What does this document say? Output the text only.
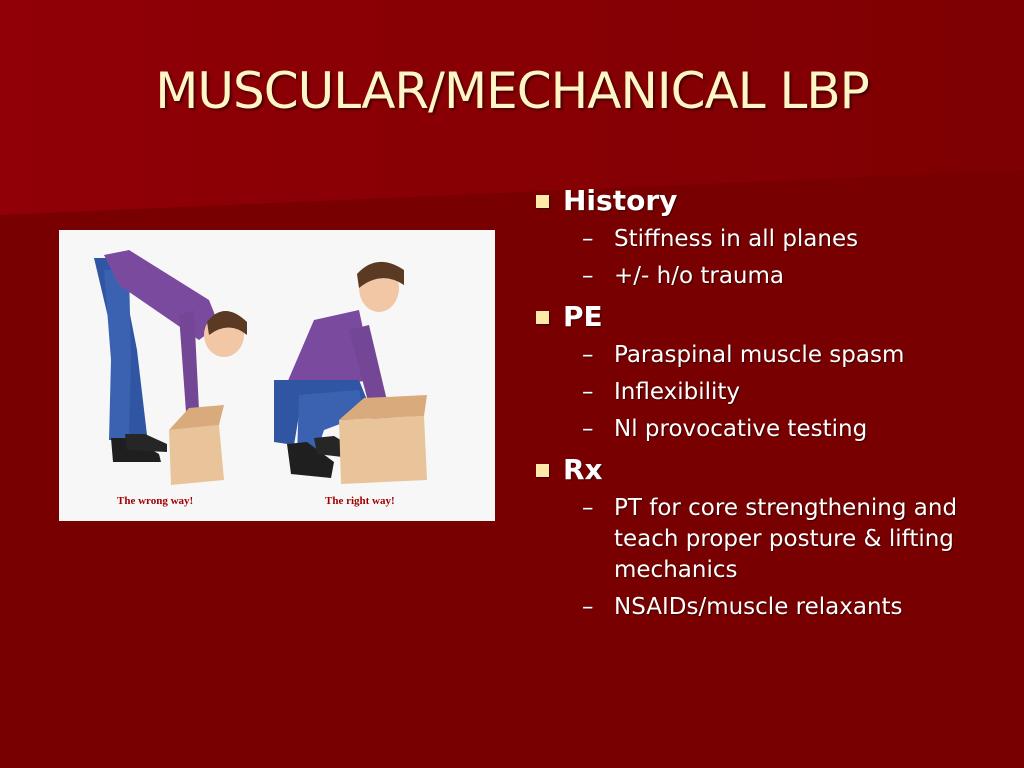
MUSCULAR/MECHANICAL LBP
The wrong way!	The right way!
History
– Stiffness in all planes
– +/- h/o trauma
PE
– Paraspinal muscle spasm
– Inflexibility
– Nl provocative testing
Rx
– PT for core strengthening and teach proper posture & lifting mechanics
– NSAIDs/muscle relaxants
